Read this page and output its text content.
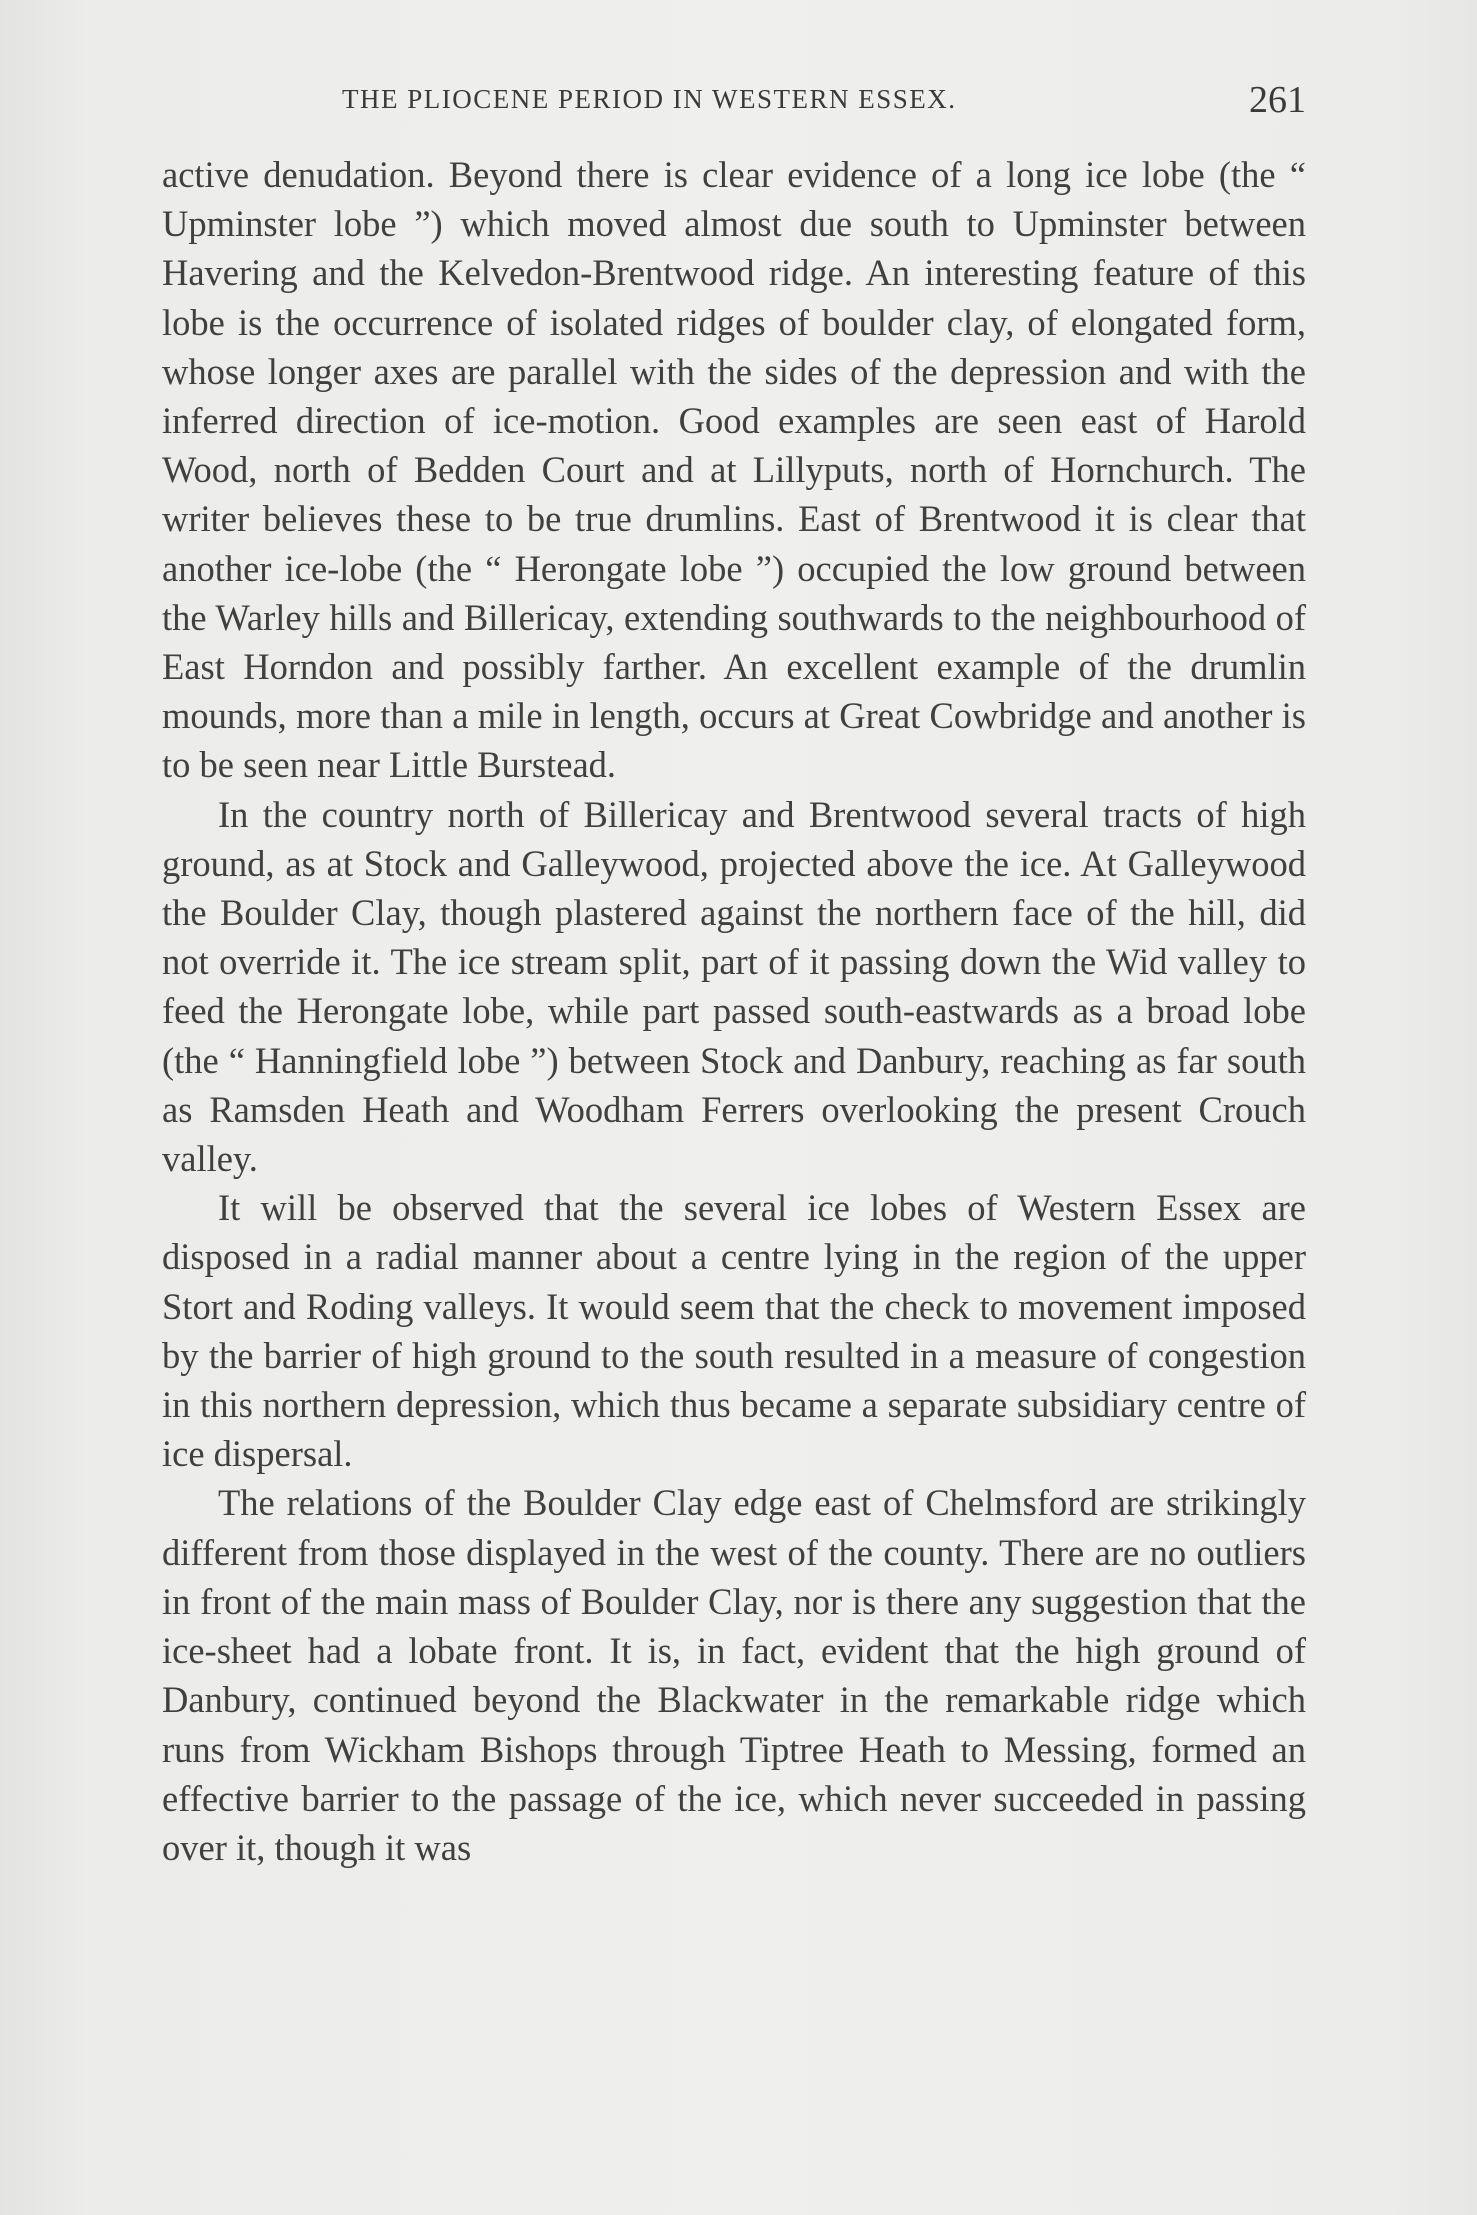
THE PLIOCENE PERIOD IN WESTERN ESSEX.	261

active denudation. Beyond there is clear evidence of a long ice lobe (the “ Upminster lobe ”) which moved almost due south to Upminster between Havering and the Kelvedon-Brentwood ridge. An interesting feature of this lobe is the occurrence of isolated ridges of boulder clay, of elongated form, whose longer axes are parallel with the sides of the depression and with the inferred direction of ice-motion. Good examples are seen east of Harold Wood, north of Bedden Court and at Lillyputs, north of Hornchurch. The writer believes these to be true drumlins. East of Brentwood it is clear that another ice-lobe (the “ Herongate lobe ”) occupied the low ground between the Warley hills and Billericay, extending southwards to the neighbourhood of East Horndon and possibly farther. An excellent example of the drumlin mounds, more than a mile in length, occurs at Great Cowbridge and another is to be seen near Little Burstead.

In the country north of Billericay and Brentwood several tracts of high ground, as at Stock and Galleywood, projected above the ice. At Galleywood the Boulder Clay, though plastered against the northern face of the hill, did not override it. The ice stream split, part of it passing down the Wid valley to feed the Herongate lobe, while part passed south-eastwards as a broad lobe (the “ Hanningfield lobe ”) between Stock and Danbury, reaching as far south as Ramsden Heath and Woodham Ferrers overlooking the present Crouch valley.

It will be observed that the several ice lobes of Western Essex are disposed in a radial manner about a centre lying in the region of the upper Stort and Roding valleys. It would seem that the check to movement imposed by the barrier of high ground to the south resulted in a measure of congestion in this northern depression, which thus became a separate subsidiary centre of ice dispersal.

The relations of the Boulder Clay edge east of Chelmsford are strikingly different from those displayed in the west of the county. There are no outliers in front of the main mass of Boulder Clay, nor is there any suggestion that the ice-sheet had a lobate front. It is, in fact, evident that the high ground of Danbury, continued beyond the Blackwater in the remarkable ridge which runs from Wickham Bishops through Tiptree Heath to Messing, formed an effective barrier to the passage of the ice, which never succeeded in passing over it, though it was
